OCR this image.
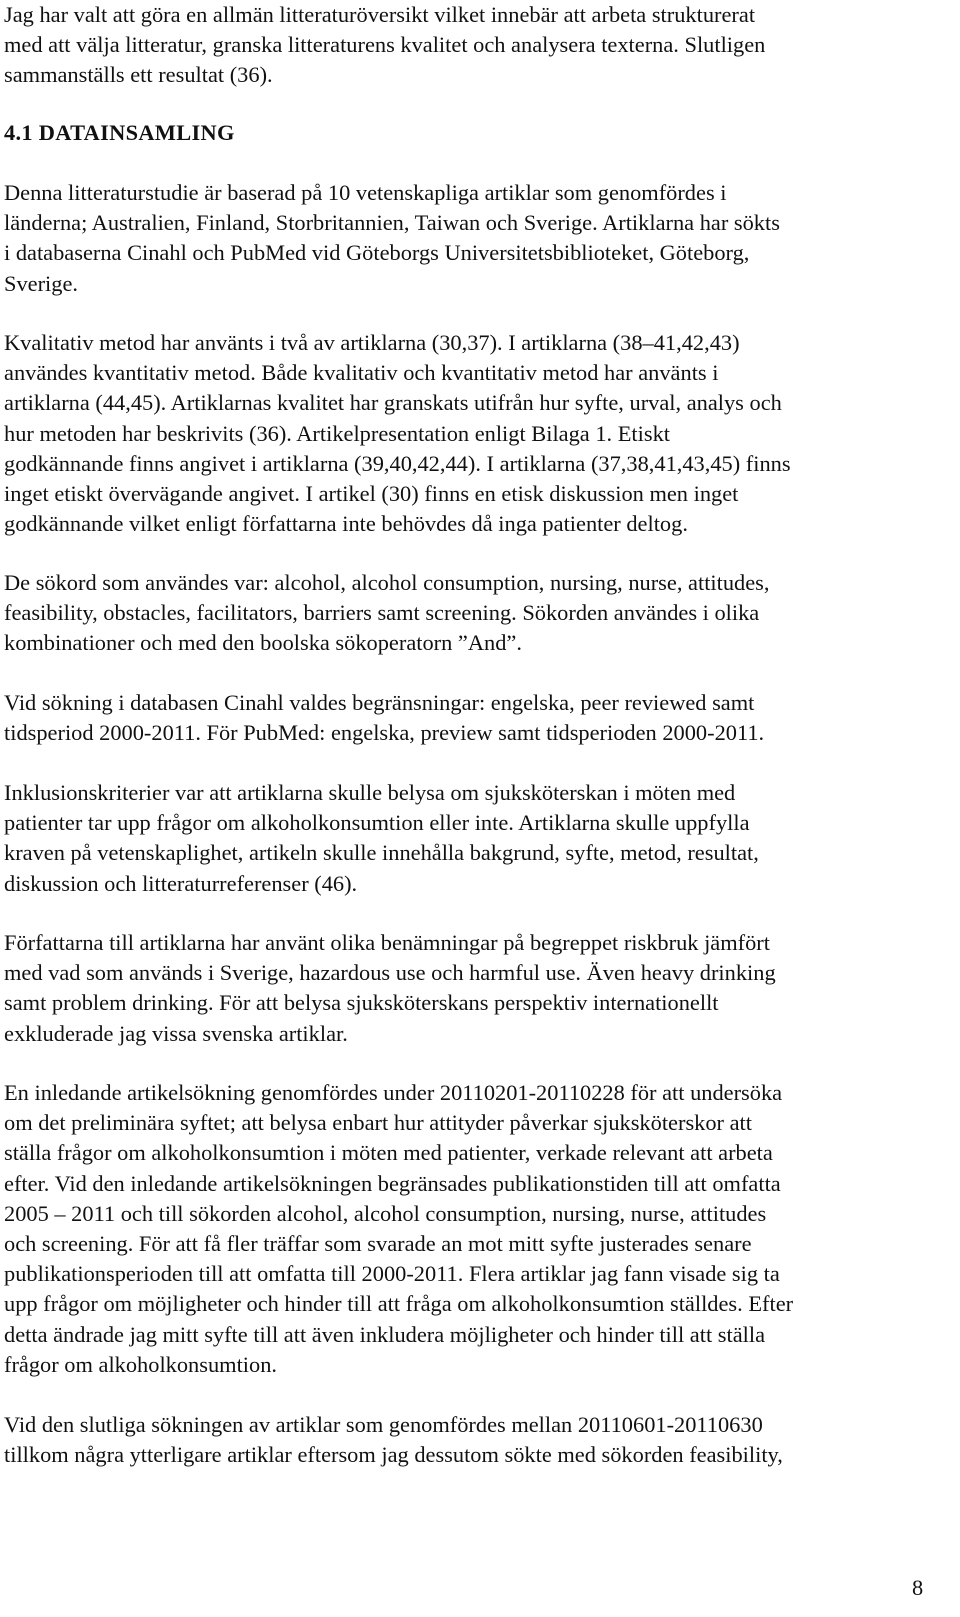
Jag har valt att göra en allmän litteraturöversikt vilket innebär att arbeta strukturerat
med att välja litteratur, granska litteraturens kvalitet och analysera texterna. Slutligen
sammanställs ett resultat (36).

4.1 DATAINSAMLING

Denna litteraturstudie är baserad på 10 vetenskapliga artiklar som genomfördes i
länderna; Australien, Finland, Storbritannien, Taiwan och Sverige. Artiklarna har sökts
i databaserna Cinahl och PubMed vid Göteborgs Universitetsbiblioteket, Göteborg,
Sverige.

Kvalitativ metod har använts i två av artiklarna (30,37). I artiklarna (38–41,42,43)
användes kvantitativ metod. Både kvalitativ och kvantitativ metod har använts i
artiklarna (44,45). Artiklarnas kvalitet har granskats utifrån hur syfte, urval, analys och
hur metoden har beskrivits (36). Artikelpresentation enligt Bilaga 1. Etiskt
godkännande finns angivet i artiklarna (39,40,42,44). I artiklarna (37,38,41,43,45) finns
inget etiskt övervägande angivet. I artikel (30) finns en etisk diskussion men inget
godkännande vilket enligt författarna inte behövdes då inga patienter deltog.

De sökord som användes var: alcohol, alcohol consumption, nursing, nurse, attitudes,
feasibility, obstacles, facilitators, barriers samt screening. Sökorden användes i olika
kombinationer och med den boolska sökoperatorn ”And”.

Vid sökning i databasen Cinahl valdes begränsningar: engelska, peer reviewed samt
tidsperiod 2000-2011. För PubMed: engelska, preview samt tidsperioden 2000-2011.

Inklusionskriterier var att artiklarna skulle belysa om sjuksköterskan i möten med
patienter tar upp frågor om alkoholkonsumtion eller inte. Artiklarna skulle uppfylla
kraven på vetenskaplighet, artikeln skulle innehålla bakgrund, syfte, metod, resultat,
diskussion och litteraturreferenser (46).

Författarna till artiklarna har använt olika benämningar på begreppet riskbruk jämfört
med vad som används i Sverige, hazardous use och harmful use. Även heavy drinking
samt problem drinking. För att belysa sjuksköterskans perspektiv internationellt
exkluderade jag vissa svenska artiklar.

En inledande artikelsökning genomfördes under 20110201-20110228 för att undersöka
om det preliminära syftet; att belysa enbart hur attityder påverkar sjuksköterskor att
ställa frågor om alkoholkonsumtion i möten med patienter, verkade relevant att arbeta
efter. Vid den inledande artikelsökningen begränsades publikationstiden till att omfatta
2005 – 2011 och till sökorden alcohol, alcohol consumption, nursing, nurse, attitudes
och screening. För att få fler träffar som svarade an mot mitt syfte justerades senare
publikationsperioden till att omfatta till 2000-2011. Flera artiklar jag fann visade sig ta
upp frågor om möjligheter och hinder till att fråga om alkoholkonsumtion ställdes. Efter
detta ändrade jag mitt syfte till att även inkludera möjligheter och hinder till att ställa
frågor om alkoholkonsumtion.

Vid den slutliga sökningen av artiklar som genomfördes mellan 20110601-20110630
tillkom några ytterligare artiklar eftersom jag dessutom sökte med sökorden feasibility,

8
